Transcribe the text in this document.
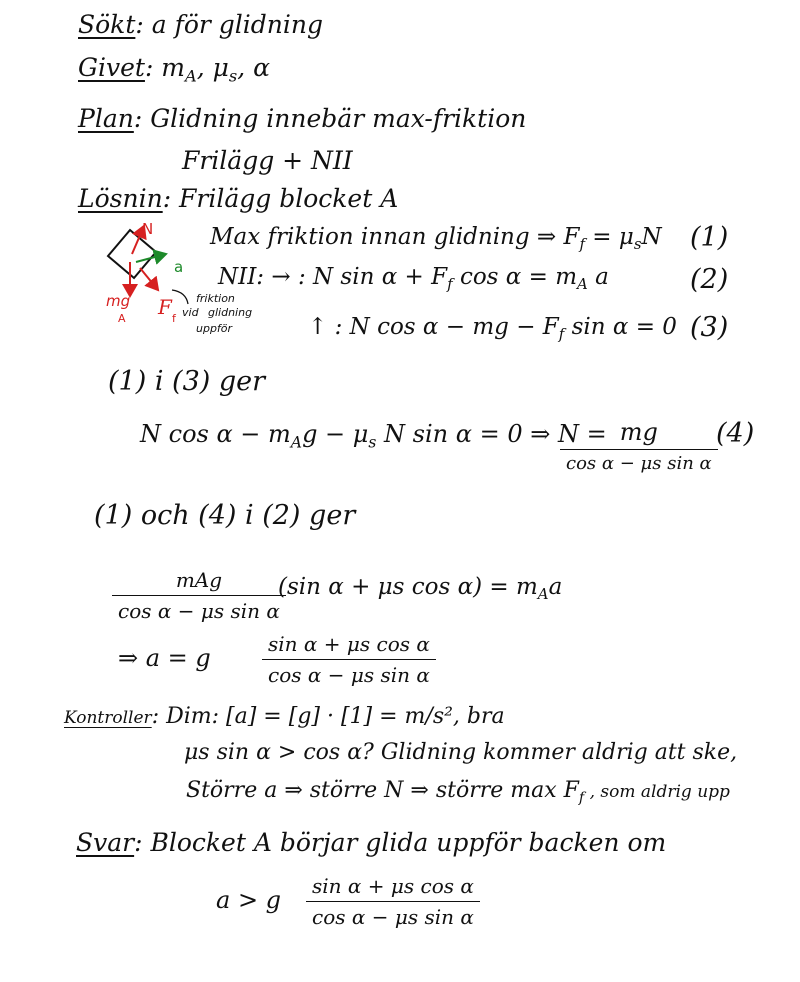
Sökt: a för glidning
Givet: $m_A$, $\mu_s$, α
Plan: Glidning innebär max-friktion
Frilägg + NII
Lösnin: Frilägg blocket A
N
a
mg
A F f
friktion
vid glidning
uppför
Max friktion innan glidning ⇒ $F_f = \mu_sN$ (1)
NII: → : N $\sin \alpha + F_f$ $\cos \alpha = m_A$ a	(2)
↑ : N cos α − mg − $F_f$ sin α = 0 (3)
(1) i (3) ger
N $\cos \alpha - m_Ag - \mu_s$ N sin α = 0 ⇒ N = mg
cos α − μs sin α
(4)
(1) och (4) i (2) ger
mAg
cos α − μs sin α
(sin α + μs $\cos \alpha) = m_Aa$
⇒ a = g	$\frac{\text{sin α + μs cos α}}{\text{cos α − μs sin α}}$
Kontroller: Dim: [a] = [g] · [1] = m/s², bra
μs sin α > cos α? Glidning kommer aldrig att ske,
Större a ⇒ större N ⇒ större $\max F_f$ , som aldrig upp
Svar: Blocket A börjar glida uppför backen om
a > g $\frac{\text{sin α + μs cos α}}{\text{cos α − μs sin α}}$
